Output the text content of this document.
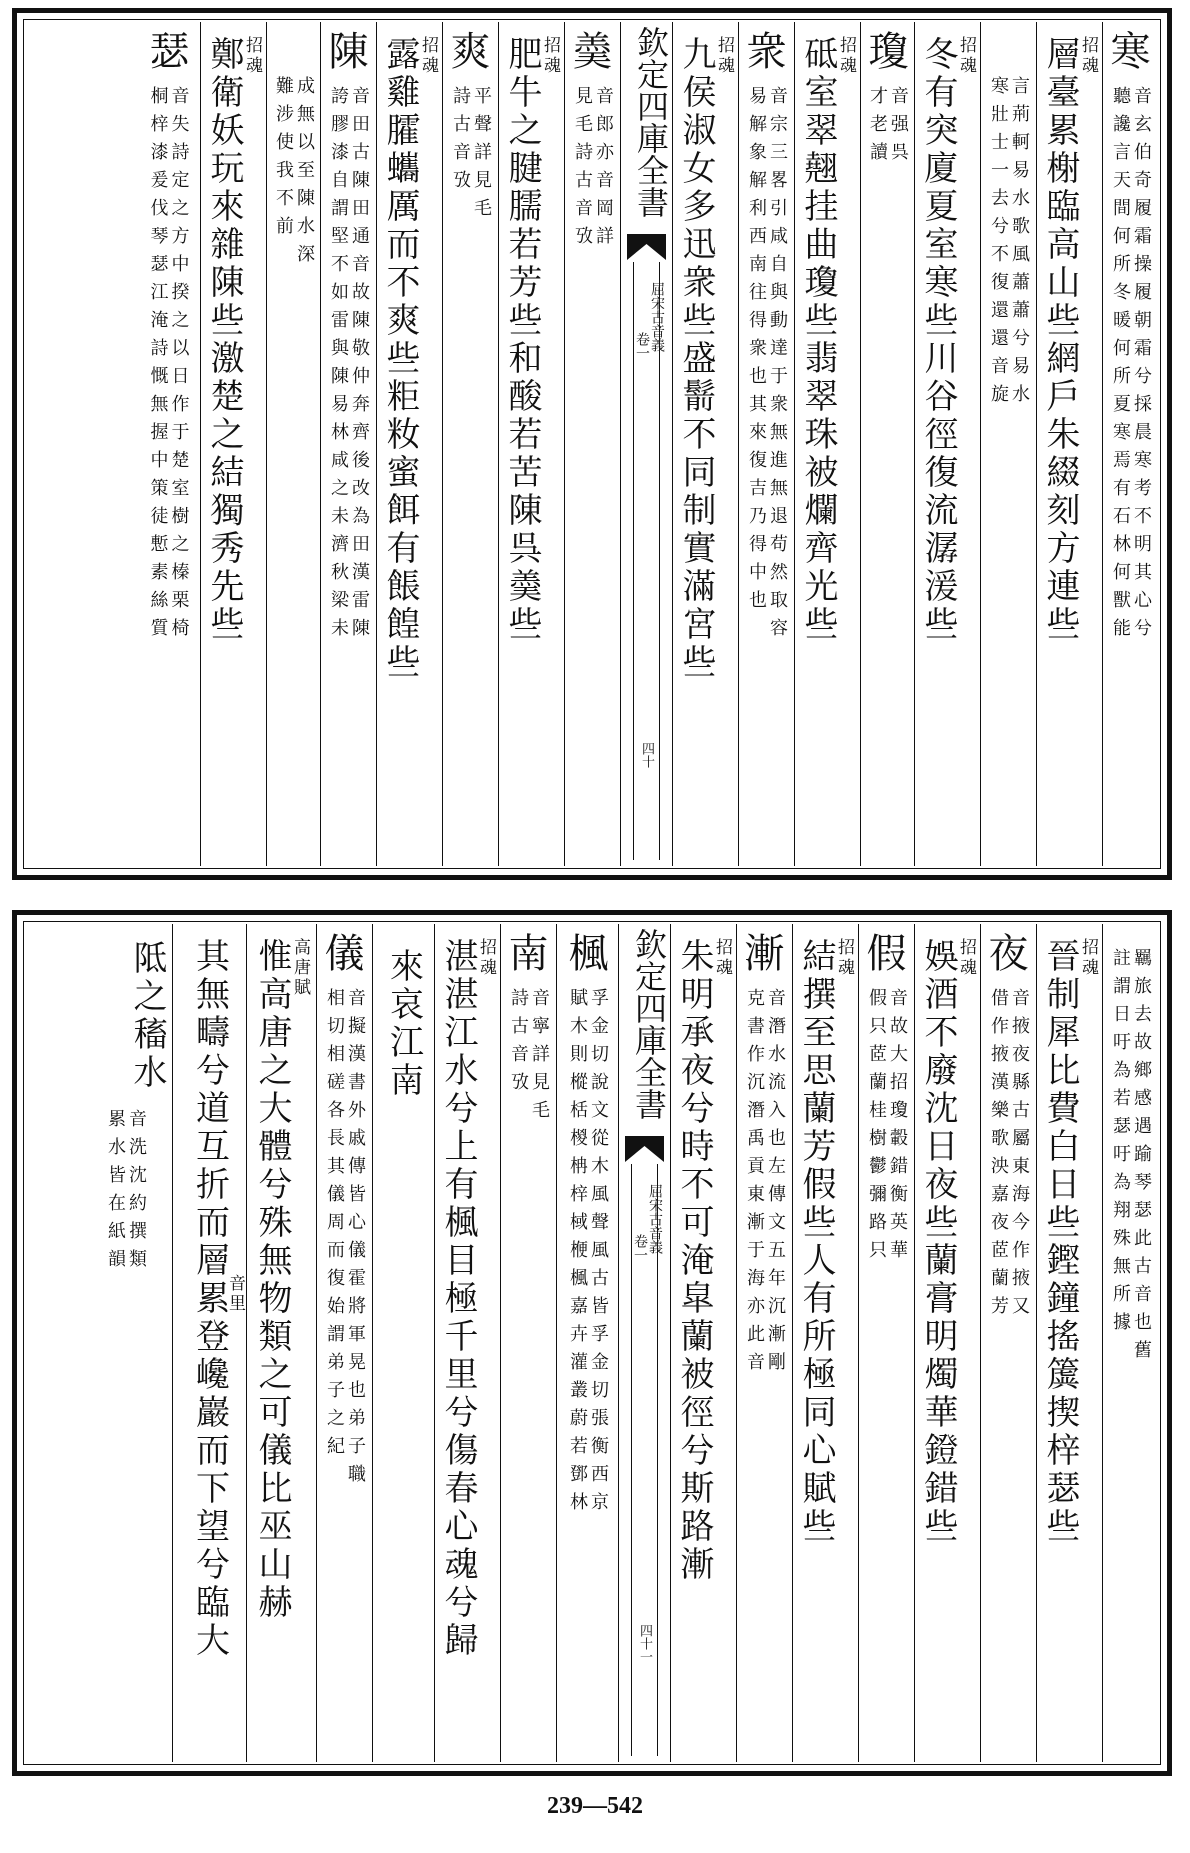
寒
音玄伯奇履霜操履朝霜兮採晨寒考不明其心兮
聽讒言天間何所冬暖何所夏寒焉有石林何獸能
招魂
層臺累榭臨高山些網戶朱綴刻方連些
言荊軻易水歌風蕭蕭兮易水
寒壯士一去兮不復還還音旋
招魂
冬有突廈夏室寒些川谷徑復流潺湲些
瓊
音强呉
才老讀
招魂
砥室翠翹挂曲瓊些翡翠珠被爛齊光些
衆
音宗三畧引咸自與動達于衆無進無退苟然取容
易解象解利西南往得衆也其來復吉乃得中也
招魂
九侯淑女多迅衆些盛鬋不同制實滿宮些
欽定四庫全書
屈宋古音義
卷一
四十
羮
音郎亦音岡詳
見毛詩古音攷
招魂
肥牛之腱臑若芳些和酸若苦陳呉羮些
爽
平聲詳見毛
詩古音攷
招魂
露雞臛蠵厲而不爽些粔籹蜜餌有餦餭些
陳
音田古陳田通音故陳敬仲奔齊後改為田漢雷陳
誇膠漆自謂堅不如雷與陳易林咸之未濟秋梁未
成無以至陳水深
難涉使我不前
招魂
鄭衛妖玩來雜陳些激楚之結獨秀先些
瑟
音失詩定之方中揆之以日作于楚室樹之榛栗椅
桐梓漆爰伐琴瑟江淹詩慨無握中策徒慙素絲質
羈旅去故鄉感遇踰琴瑟此古音也舊
註謂日吁為若瑟吁為翔殊無所據
招魂
晉制犀比費白日些鏗鐘搖簴揳梓瑟些
夜
音掖夜縣古屬東海今作掖又
借作掖漢樂歌泱嘉夜茝蘭芳
招魂
娛酒不廢沈日夜些蘭膏明燭華鐙錯些
假
音故大招瓊轂錯衡英華
假只茝蘭桂樹鬱彌路只
招魂
結撰至思蘭芳假些人有所極同心賦些
漸
音潛水流入也左傳文五年沉漸剛
克書作沉潛禹貢東漸于海亦此音
招魂
朱明承夜兮時不可淹皐蘭被徑兮斯路漸
欽定四庫全書
屈宋古音義
卷一
四十一
楓
孚金切說文從木風聲風古皆孚金切張衡西京
賦木則樅栝椶柟梓棫楩楓嘉卉灌叢蔚若鄧林
南
音寧詳見毛
詩古音攷
招魂
湛湛江水兮上有楓目極千里兮傷春心魂兮歸
來哀江南
儀
音擬漢書外戚傳皆心儀霍將軍晃也弟子職
相切相磋各長其儀周而復始謂弟子之紀
高唐賦
惟高唐之大體兮殊無物類之可儀比巫山赫
其無疇兮道互折而層累登巉巖而下望兮臨大
音里
音洗沈約撰類
累水皆在紙韻
阺之稸水
239—542
